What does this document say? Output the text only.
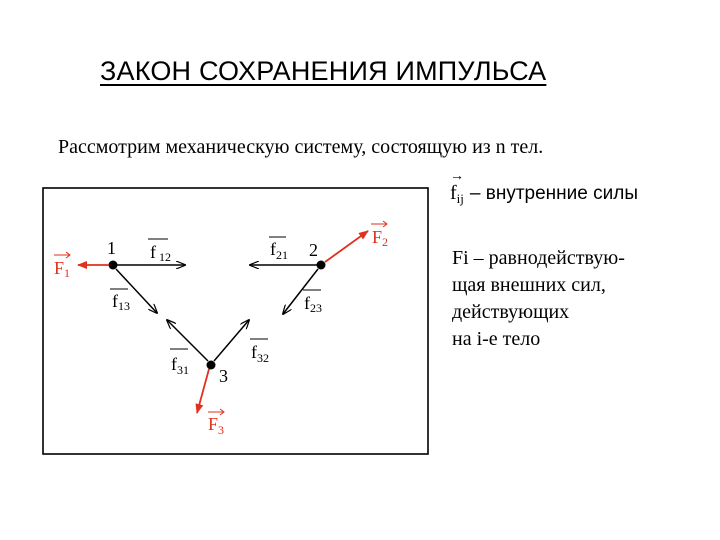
ЗАКОН СОХРАНЕНИЯ ИМПУЛЬСА
Рассмотрим механическую систему, состоящую из n тел.
1	2
3
f 12	f 21
f 13	f 23
f 31
f 32
F 1
F 2
F 3
→
$f_{ij}$ – внутренние силы
Fi – равнодействую-
щая внешних сил,
действующих
на i-е тело
